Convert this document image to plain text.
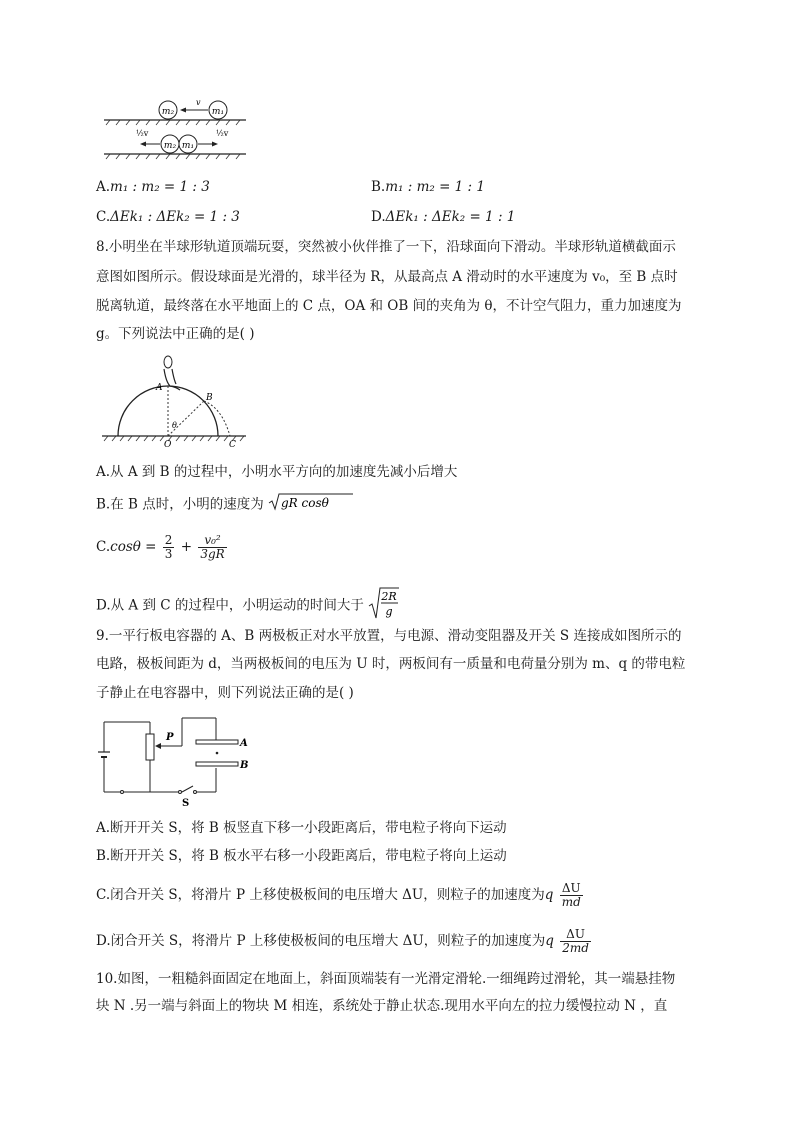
m₂	m₁
v
m₂ m₁
½v	½v
A.m₁ : m₂ = 1 : 3	B.m₁ : m₂ = 1 : 1
C.ΔEk₁ : ΔEk₂ = 1 : 3	D.ΔEk₁ : ΔEk₂ = 1 : 1
8.小明坐在半球形轨道顶端玩耍，突然被小伙伴推了一下，沿球面向下滑动。半球形轨道横截面示
意图如图所示。假设球面是光滑的，球半径为 R，从最高点 A 滑动时的水平速度为 v₀，至 B 点时
脱离轨道，最终落在水平地面上的 C 点，OA 和 OB 间的夹角为 θ，不计空气阻力，重力加速度为
g。下列说法中正确的是( )
A
B
C
O
θ
A.从 A 到 B 的过程中，小明水平方向的加速度先减小后增大
B.在 B 点时，小明的速度为 gR cosθ
$C.\cos\theta = \frac{2}{3} + \frac{\text{v₀²}}{3gR}$
D.从 A 到 C 的过程中，小明运动的时间大于
2R
g
9.一平行板电容器的 A、B 两极板正对水平放置，与电源、滑动变阻器及开关 S 连接成如图所示的
电路，极板间距为 d，当两极板间的电压为 U 时，两板间有一质量和电荷量分别为 m、q 的带电粒
子静止在电容器中，则下列说法正确的是( )
P
A
B
S
A.断开开关 S，将 B 板竖直下移一小段距离后，带电粒子将向下运动
B.断开开关 S，将 B 板水平右移一小段距离后，带电粒子将向上运动
C.闭合开关 S，将滑片 P 上移使极板间的电压增大 ΔU，则粒子的加速度为q $\frac{\Delta U}{md}$
D.闭合开关 S，将滑片 P 上移使极板间的电压增大 ΔU，则粒子的加速度为q $\frac{\Delta U}{2md}$
10.如图，一粗糙斜面固定在地面上，斜面顶端装有一光滑定滑轮.一细绳跨过滑轮，其一端悬挂物
块 N .另一端与斜面上的物块 M 相连，系统处于静止状态.现用水平向左的拉力缓慢拉动 N ，直
